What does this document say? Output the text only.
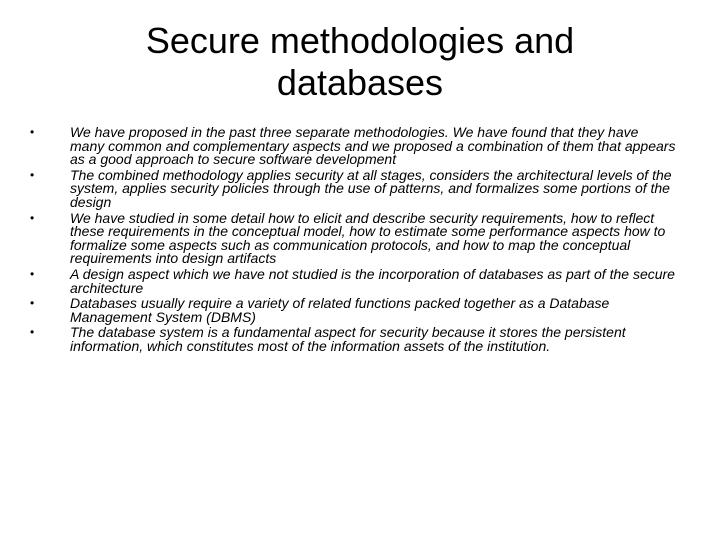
Secure methodologies and databases
•	We have proposed in the past three separate methodologies. We have found that they have many common and complementary aspects and we proposed a combination of them that appears as a good approach to secure software development
•	The combined methodology applies security at all stages, considers the architectural levels of the system, applies security policies through the use of patterns, and formalizes some portions of the design
•	We have studied in some detail how to elicit and describe security requirements, how to reflect these requirements in the conceptual model, how to estimate some performance aspects how to formalize some aspects such as communication protocols, and how to map the conceptual requirements into design artifacts
•	A design aspect which we have not studied is the incorporation of databases as part of the secure architecture
•	Databases usually require a variety of related functions packed together as a Database Management System (DBMS)
•	The database system is a fundamental aspect for security because it stores the persistent information, which constitutes most of the information assets of the institution.
